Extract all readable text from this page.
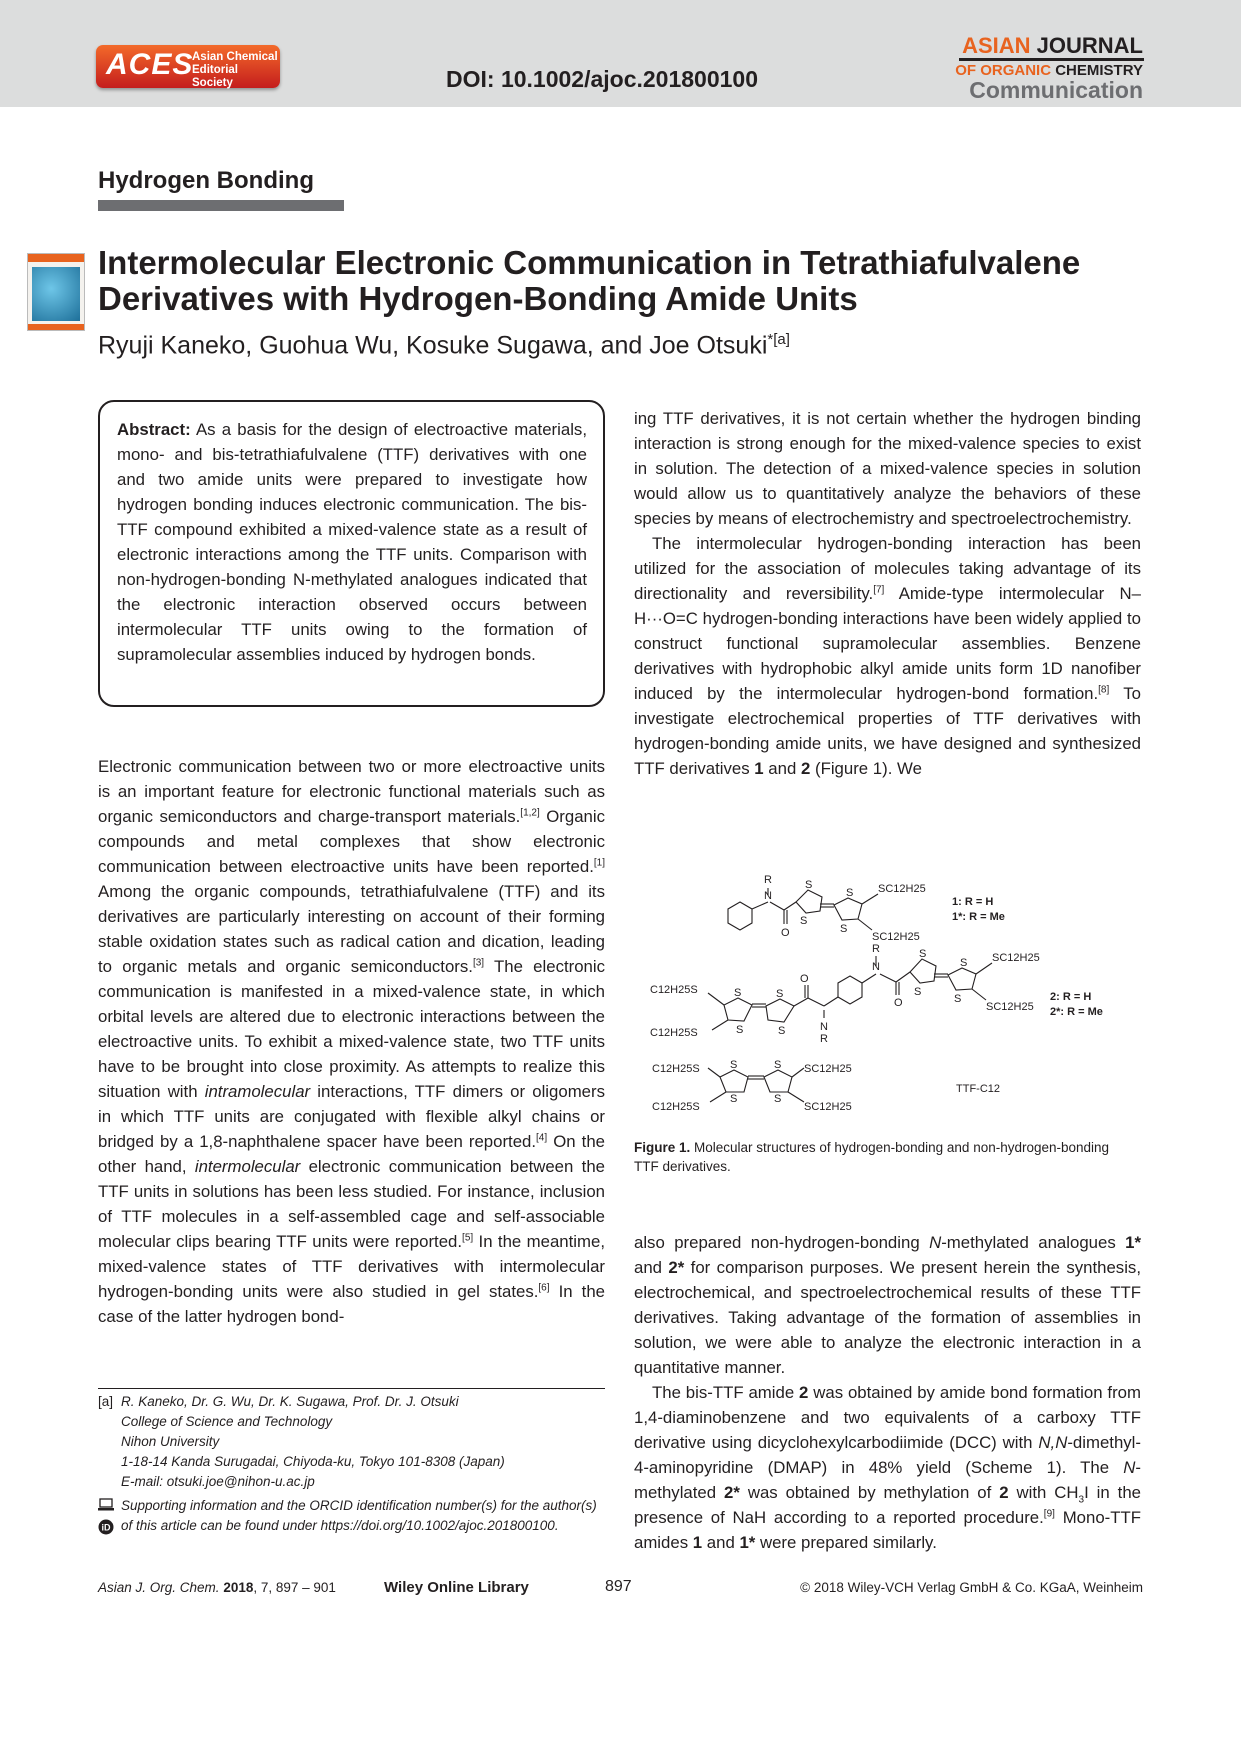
ACES
Asian Chemical
Editorial Society	DOI: 10.1002/ajoc.201800100
ASIAN JOURNAL
OF ORGANIC CHEMISTRY
Communication
Hydrogen Bonding
Intermolecular Electronic Communication in Tetrathiafulvalene
Derivatives with Hydrogen-Bonding Amide Units
Ryuji Kaneko, Guohua Wu, Kosuke Sugawa, and Joe Otsuki$^{*[a]}$
Abstract: As a basis for the design of electroactive materials, mono- and bis-tetrathiafulvalene (TTF) derivatives with one and two amide units were prepared to investigate how hydrogen bonding induces electronic communication. The bis-TTF compound exhibited a mixed-valence state as a result of electronic interactions among the TTF units. Comparison with non-hydrogen-bonding N-methylated analogues indicated that the electronic interaction observed occurs between intermolecular TTF units owing to the formation of supramolecular assemblies induced by hydrogen bonds.

Electronic communication between two or more electroactive units is an important feature for electronic functional materials such as organic semiconductors and charge-transport materials.[1,2] Organic compounds and metal complexes that show electronic communication between electroactive units have been reported.[1] Among the organic compounds, tetrathiafulvalene (TTF) and its derivatives are particularly interesting on account of their forming stable oxidation states such as radical cation and dication, leading to organic metals and organic semiconductors.[3] The electronic communication is manifested in a mixed-valence state, in which orbital levels are altered due to electronic interactions between the electroactive units. To exhibit a mixed-valence state, two TTF units have to be brought into close proximity. As attempts to realize this situation with intramolecular interactions, TTF dimers or oligomers in which TTF units are conjugated with flexible alkyl chains or bridged by a 1,8-naphthalene spacer have been reported.[4] On the other hand, intermolecular electronic communication between the TTF units in solutions has been less studied. For instance, inclusion of TTF molecules in a self-assembled cage and self-associable molecular clips bearing TTF units were reported.[5] In the meantime, mixed-valence states of TTF derivatives with intermolecular hydrogen-bonding units were also studied in gel states.[6] In the case of the latter hydrogen bond-

ing TTF derivatives, it is not certain whether the hydrogen binding interaction is strong enough for the mixed-valence species to exist in solution. The detection of a mixed-valence species in solution would allow us to quantitatively analyze the behaviors of these species by means of electrochemistry and spectroelectrochemistry.

The intermolecular hydrogen-bonding interaction has been utilized for the association of molecules taking advantage of its directionality and reversibility.[7] Amide-type intermolecular N–H···O=C hydrogen-bonding interactions have been widely applied to construct functional supramolecular assemblies. Benzene derivatives with hydrophobic alkyl amide units form 1D nanofiber induced by the intermolecular hydrogen-bond formation.[8] To investigate electrochemical properties of TTF derivatives with hydrogen-bonding amide units, we have designed and synthesized TTF derivatives 1 and 2 (Figure 1). We

R
N
O
S
S
S
S
SC12H25
SC12H25
1: R = H
1*: R = Me
R
N
O
S
S
S
S
SC12H25
SC12H25
2: R = H
2*: R = Me
N
R
O
S
S
S
S
C12H25S
C12H25S
S
S
S
S
C12H25S
C12H25S
SC12H25
SC12H25
TTF-C12
Figure 1. Molecular structures of hydrogen-bonding and non-hydrogen-bonding TTF derivatives.

also prepared non-hydrogen-bonding N-methylated analogues 1* and 2* for comparison purposes. We present herein the synthesis, electrochemical, and spectroelectrochemical results of these TTF derivatives. Taking advantage of the formation of assemblies in solution, we were able to analyze the electronic interaction in a quantitative manner.

The bis-TTF amide 2 was obtained by amide bond formation from 1,4-diaminobenzene and two equivalents of a carboxy TTF derivative using dicyclohexylcarbodiimide (DCC) with N,N-dimethyl-4-aminopyridine (DMAP) in 48% yield (Scheme 1). The N-methylated 2* was obtained by methylation of 2 with $CH_3I$ in the presence of NaH according to a reported procedure.[9] Mono-TTF amides 1 and 1* were prepared similarly.

[a] R. Kaneko, Dr. G. Wu, Dr. K. Sugawa, Prof. Dr. J. Otsuki
College of Science and Technology
Nihon University
1-18-14 Kanda Surugadai, Chiyoda-ku, Tokyo 101-8308 (Japan)
E-mail: otsuki.joe@nihon-u.ac.jp
iD
Supporting information and the ORCID identification number(s) for the author(s) of this article can be found under https://doi.org/10.1002/ajoc.201800100.
Asian J. Org. Chem. 2018, 7, 897 – 901	Wiley Online Library	897	© 2018 Wiley-VCH Verlag GmbH & Co. KGaA, Weinheim
